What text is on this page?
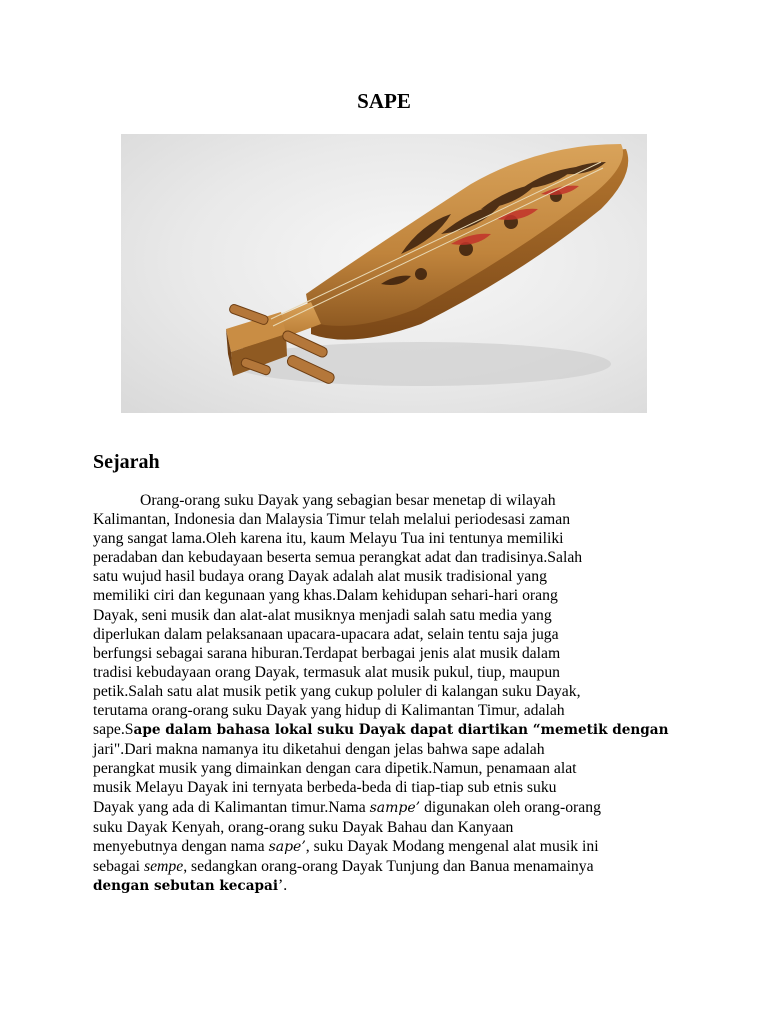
SAPE
Sejarah

Orang-orang suku Dayak yang sebagian besar menetap di wilayah
Kalimantan, Indonesia dan Malaysia Timur telah melalui periodesasi zaman
yang sangat lama.Oleh karena itu, kaum Melayu Tua ini tentunya memiliki
peradaban dan kebudayaan beserta semua perangkat adat dan tradisinya.Salah
satu wujud hasil budaya orang Dayak adalah alat musik tradisional yang
memiliki ciri dan kegunaan yang khas.Dalam kehidupan sehari-hari orang
Dayak, seni musik dan alat-alat musiknya menjadi salah satu media yang
diperlukan dalam pelaksanaan upacara-upacara adat, selain tentu saja juga
berfungsi sebagai sarana hiburan.Terdapat berbagai jenis alat musik dalam
tradisi kebudayaan orang Dayak, termasuk alat musik pukul, tiup, maupun
petik.Salah satu alat musik petik yang cukup poluler di kalangan suku Dayak,
terutama orang-orang suku Dayak yang hidup di Kalimantan Timur, adalah
sape.Sape dalam bahasa lokal suku Dayak dapat diartikan “memetik dengan
jari".Dari makna namanya itu diketahui dengan jelas bahwa sape adalah
perangkat musik yang dimainkan dengan cara dipetik.Namun, penamaan alat
musik Melayu Dayak ini ternyata berbeda-beda di tiap-tiap sub etnis suku
Dayak yang ada di Kalimantan timur.Nama sampe’ digunakan oleh orang-orang
suku Dayak Kenyah, orang-orang suku Dayak Bahau dan Kanyaan
menyebutnya dengan nama sape’, suku Dayak Modang mengenal alat musik ini
sebagai sempe, sedangkan orang-orang Dayak Tunjung dan Banua menamainya
dengan sebutan kecapai’.
